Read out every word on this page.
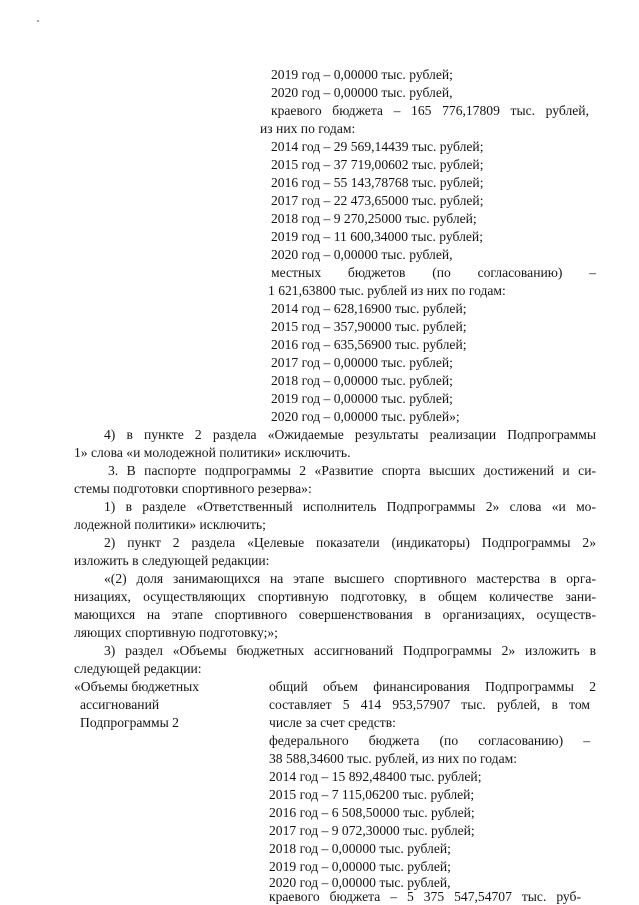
2019 год – 0,00000 тыс. рублей;
2020 год – 0,00000 тыс. рублей,
краевого бюджета – 165 776,17809 тыс. рублей,
из них по годам:
2014 год – 29 569,14439 тыс. рублей;
2015 год – 37 719,00602 тыс. рублей;
2016 год – 55 143,78768 тыс. рублей;
2017 год – 22 473,65000 тыс. рублей;
2018 год – 9 270,25000 тыс. рублей;
2019 год – 11 600,34000 тыс. рублей;
2020 год – 0,00000 тыс. рублей,
местных бюджетов (по согласованию) –
1 621,63800 тыс. рублей из них по годам:
2014 год – 628,16900 тыс. рублей;
2015 год – 357,90000 тыс. рублей;
2016 год – 635,56900 тыс. рублей;
2017 год – 0,00000 тыс. рублей;
2018 год – 0,00000 тыс. рублей;
2019 год – 0,00000 тыс. рублей;
2020 год – 0,00000 тыс. рублей»;
4) в пункте 2 раздела «Ожидаемые результаты реализации Подпрограммы
1» слова «и молодежной политики» исключить.
3. В паспорте подпрограммы 2 «Развитие спорта высших достижений и си-
стемы подготовки спортивного резерва»:
1) в разделе «Ответственный исполнитель Подпрограммы 2» слова «и мо-
лодежной политики» исключить;
2) пункт 2 раздела «Целевые показатели (индикаторы) Подпрограммы 2»
изложить в следующей редакции:
«(2) доля занимающихся на этапе высшего спортивного мастерства в орга-
низациях, осуществляющих спортивную подготовку, в общем количестве зани-
мающихся на этапе спортивного совершенствования в организациях, осуществ-
ляющих спортивную подготовку;»;
3) раздел «Объемы бюджетных ассигнований Подпрограммы 2» изложить в
следующей редакции:
«Объемы бюджетных
ассигнований
Подпрограммы 2
общий объем финансирования Подпрограммы 2
составляет 5 414 953,57907 тыс. рублей, в том
числе за счет средств:
федерального бюджета (по согласованию) –
38 588,34600 тыс. рублей, из них по годам:
2014 год – 15 892,48400 тыс. рублей;
2015 год – 7 115,06200 тыс. рублей;
2016 год – 6 508,50000 тыс. рублей;
2017 год – 9 072,30000 тыс. рублей;
2018 год – 0,00000 тыс. рублей;
2019 год – 0,00000 тыс. рублей;
2020 год – 0,00000 тыс. рублей,
краевого бюджета – 5 375 547,54707 тыс. руб-
